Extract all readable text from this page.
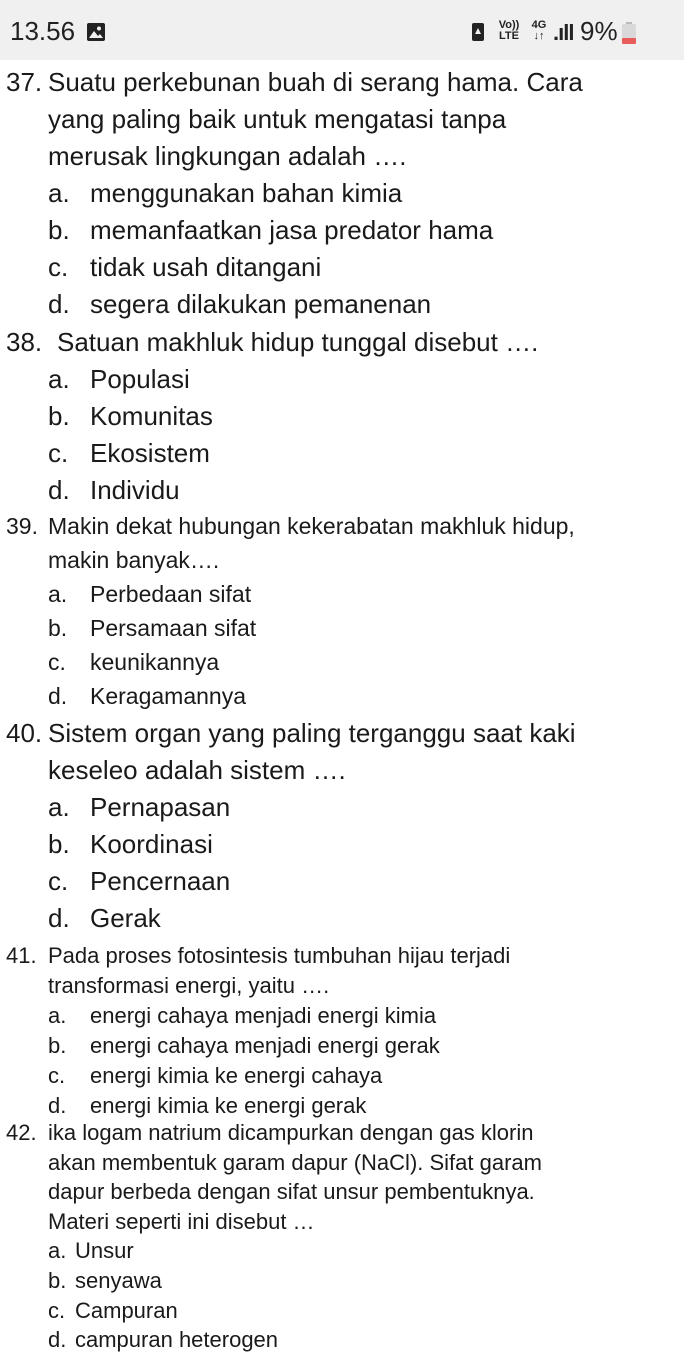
13.56	Vo))
LTE
4G
↓↑ .ıll 9%
37. Suatu perkebunan buah di serang hama. Cara
yang paling baik untuk mengatasi tanpa
merusak lingkungan adalah ….
a. menggunakan bahan kimia
b. memanfaatkan jasa predator hama
c. tidak usah ditangani
d. segera dilakukan pemanenan
38. Satuan makhluk hidup tunggal disebut ….
a. Populasi
b. Komunitas
c. Ekosistem
d. Individu
39. Makin dekat hubungan kekerabatan makhluk hidup,
makin banyak….
a. Perbedaan sifat
b. Persamaan sifat
c. keunikannya
d. Keragamannya
40. Sistem organ yang paling terganggu saat kaki
keseleo adalah sistem ….
a. Pernapasan
b. Koordinasi
c. Pencernaan
d. Gerak
41. Pada proses fotosintesis tumbuhan hijau terjadi
transformasi energi, yaitu ….
a. energi cahaya menjadi energi kimia
b. energi cahaya menjadi energi gerak
c. energi kimia ke energi cahaya
d. energi kimia ke energi gerak
42. ika logam natrium dicampurkan dengan gas klorin
akan membentuk garam dapur (NaCl). Sifat garam
dapur berbeda dengan sifat unsur pembentuknya.
Materi seperti ini disebut …
a. Unsur
b. senyawa
c. Campuran
d. campuran heterogen
